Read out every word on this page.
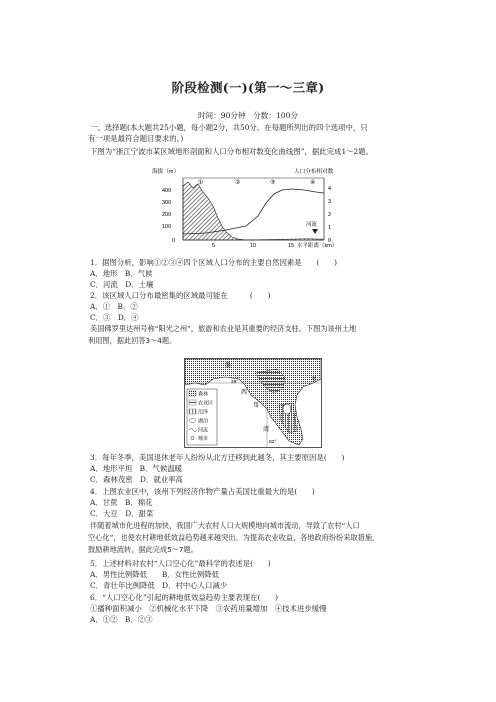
阶段检测(一)(第一～三章)
时间：90分钟　分数：100分
一、选择题(本大题共25小题，每小题2分，共50分。在每题所列出的四个选项中，只
有一项是最符合题目要求的。)
下图为“浙江宁波市某区域地形剖面和人口分布相对数变化曲线图”，据此完成1～2题。
海拔（m）	人口分布相对数
400
300
200
100
0
4
3
2
1
0
①	②	③	④
河流
5	10	15 水平距离（km）
1．据图分析，影响①②③④四个区域人口分布的主要自然因素是　　(　　)
A．地形　B．气候
C．河流　D．土壤
2．该区域人口分布最密集的区域最可能在　　　(　　)
A．①　B．②
C．③　D．④
美国佛罗里达州号称“阳光之州”，旅游和农业是其重要的经济支柱。下图为该州土地
利用图，据此回答3～4题。
墨
西
哥
湾
多
28°
82°
森林
农业区
沼泽
湖泊
河流
城市
3．每年冬季，美国退休老年人纷纷从北方迁移到此越冬，其主要原因是(　　)
A．地形平坦　B．气候温暖
C．森林茂密　D．就业率高
4．上图农业区中，该州下列经济作物产量占美国比重最大的是(　　)
A．甘蔗　B．棉花
C．大豆　D．甜菜
伴随着城市化进程的加快，我国广大农村人口大规模地向城市流动，导致了农村“人口
空心化”，也使农村耕地低效益趋势越来越突出。为提高农业收益，各地政府纷纷采取措施，
鼓励耕地流转。据此完成5～7题。
5．上述材料对农村“人口空心化”最科学的表述是(　　)
A．男性比例降低　　B．女性比例降低
C．青壮年比例降低　D．村中心人口减少
6．“人口空心化”引起的耕地低效益趋势主要表现在(　　)
①播种面积减小　②机械化水平下降　③农药用量增加　④技术进步缓慢
A．①②　B．②③
